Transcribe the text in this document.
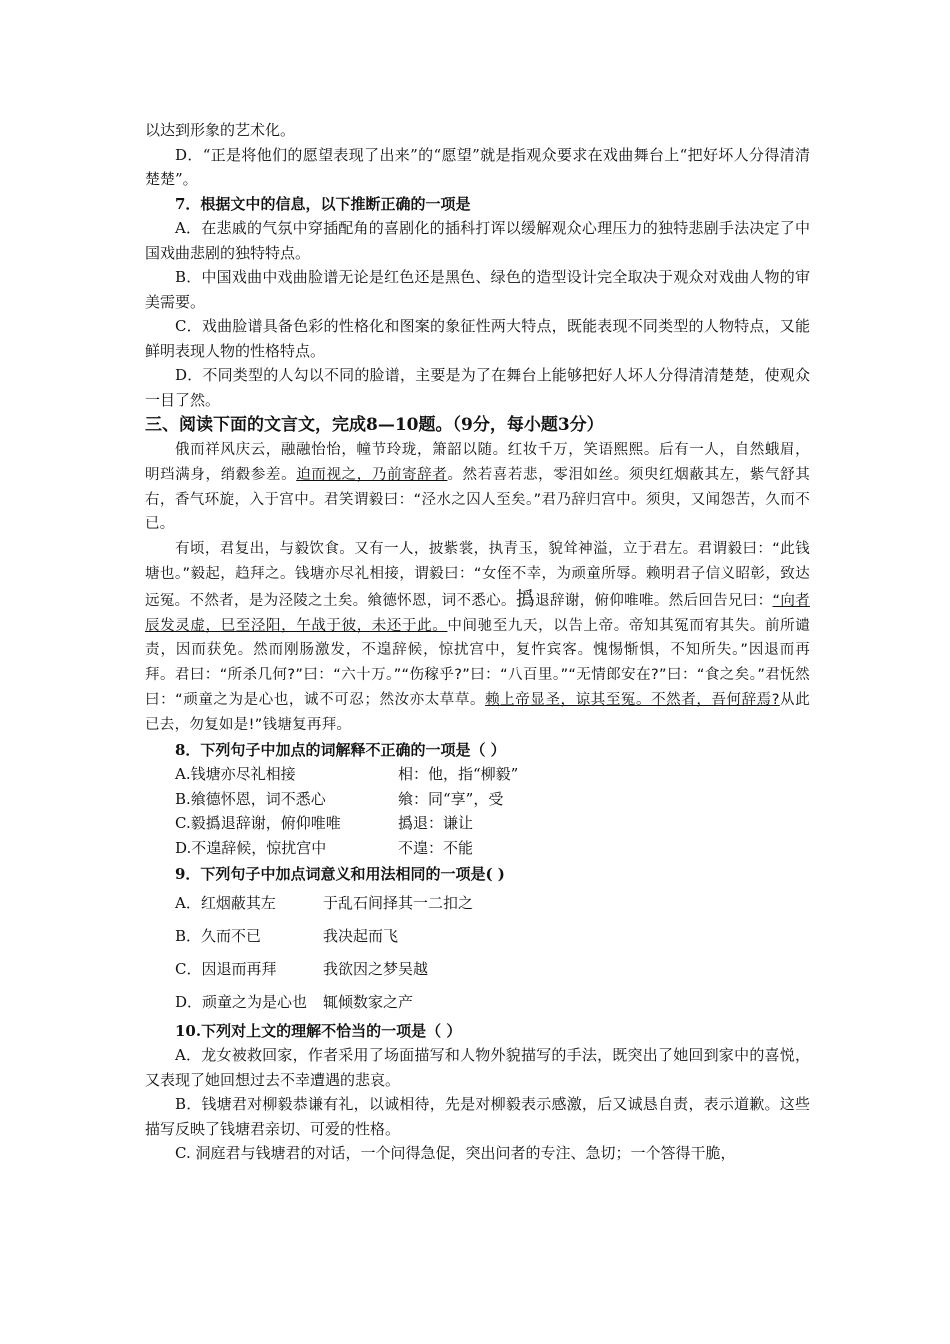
以达到形象的艺术化。

D．“正是将他们的愿望表现了出来”的“愿望”就是指观众要求在戏曲舞台上“把好坏人分得清清楚楚”。

7．根据文中的信息，以下推断正确的一项是

A．在悲戚的气氛中穿插配角的喜剧化的插科打诨以缓解观众心理压力的独特悲剧手法决定了中国戏曲悲剧的独特特点。

B．中国戏曲中戏曲脸谱无论是红色还是黑色、绿色的造型设计完全取决于观众对戏曲人物的审美需要。

C．戏曲脸谱具备色彩的性格化和图案的象征性两大特点，既能表现不同类型的人物特点，又能鲜明表现人物的性格特点。

D．不同类型的人勾以不同的脸谱，主要是为了在舞台上能够把好人坏人分得清清楚楚，使观众一目了然。

三、阅读下面的文言文，完成8—10题。（9分，每小题3分）

俄而祥风庆云，融融怡怡，幢节玲珑，箫韶以随。红妆千万，笑语熙熙。后有一人，自然蛾眉，明珰满身，绡縠参差。迫而视之，乃前寄辞者。然若喜若悲，零泪如丝。须臾红烟蔽其左，紫气舒其右，香气环旋，入于宫中。君笑谓毅曰：“泾水之囚人至矣。”君乃辞归宫中。须臾，又闻怨苦，久而不已。

有顷，君复出，与毅饮食。又有一人，披紫裳，执青玉，貌耸神溢，立于君左。君谓毅曰：“此钱塘也。”毅起，趋拜之。钱塘亦尽礼相接，谓毅曰：“女侄不幸，为顽童所辱。赖明君子信义昭彰，致达远冤。不然者，是为泾陵之土矣。飨德怀恩，词不悉心。撝退辞谢，俯仰唯唯。然后回告兄曰：“向者辰发灵虚，巳至泾阳，午战于彼，未还于此。中间驰至九天，以告上帝。帝知其冤而宥其失。前所谴责，因而获免。然而刚肠激发，不遑辞候，惊扰宫中，复忤宾客。愧惕惭惧，不知所失。”因退而再拜。君曰：“所杀几何?”曰：“六十万。”“伤稼乎?”曰：“八百里。”“无情郎安在?”曰：“食之矣。”君怃然曰：“顽童之为是心也，诚不可忍；然汝亦太草草。赖上帝显圣，谅其至冤。不然者，吾何辞焉?从此已去，勿复如是!”钱塘复再拜。

8．下列句子中加点的词解释不正确的一项是（ ）

A.钱塘亦尽礼相接	相：他，指“柳毅”
B.飨德怀恩，词不悉心	飨：同“享”，受
C.毅撝退辞谢，俯仰唯唯	撝退：谦让
D.不遑辞候，惊扰宫中	不遑：不能

9．下列句子中加点词意义和用法相同的一项是( )

A．红烟蔽其左	于乱石间择其一二扣之
B．久而不已	我决起而飞
C．因退而再拜	我欲因之梦吴越
D．顽童之为是心也	辄倾数家之产

10.下列对上文的理解不恰当的一项是（ ）

A．龙女被救回家，作者采用了场面描写和人物外貌描写的手法，既突出了她回到家中的喜悦，又表现了她回想过去不幸遭遇的悲哀。

B．钱塘君对柳毅恭谦有礼，以诚相待，先是对柳毅表示感激，后又诚恳自责，表示道歉。这些描写反映了钱塘君亲切、可爱的性格。

C. 洞庭君与钱塘君的对话，一个问得急促，突出问者的专注、急切；一个答得干脆，
